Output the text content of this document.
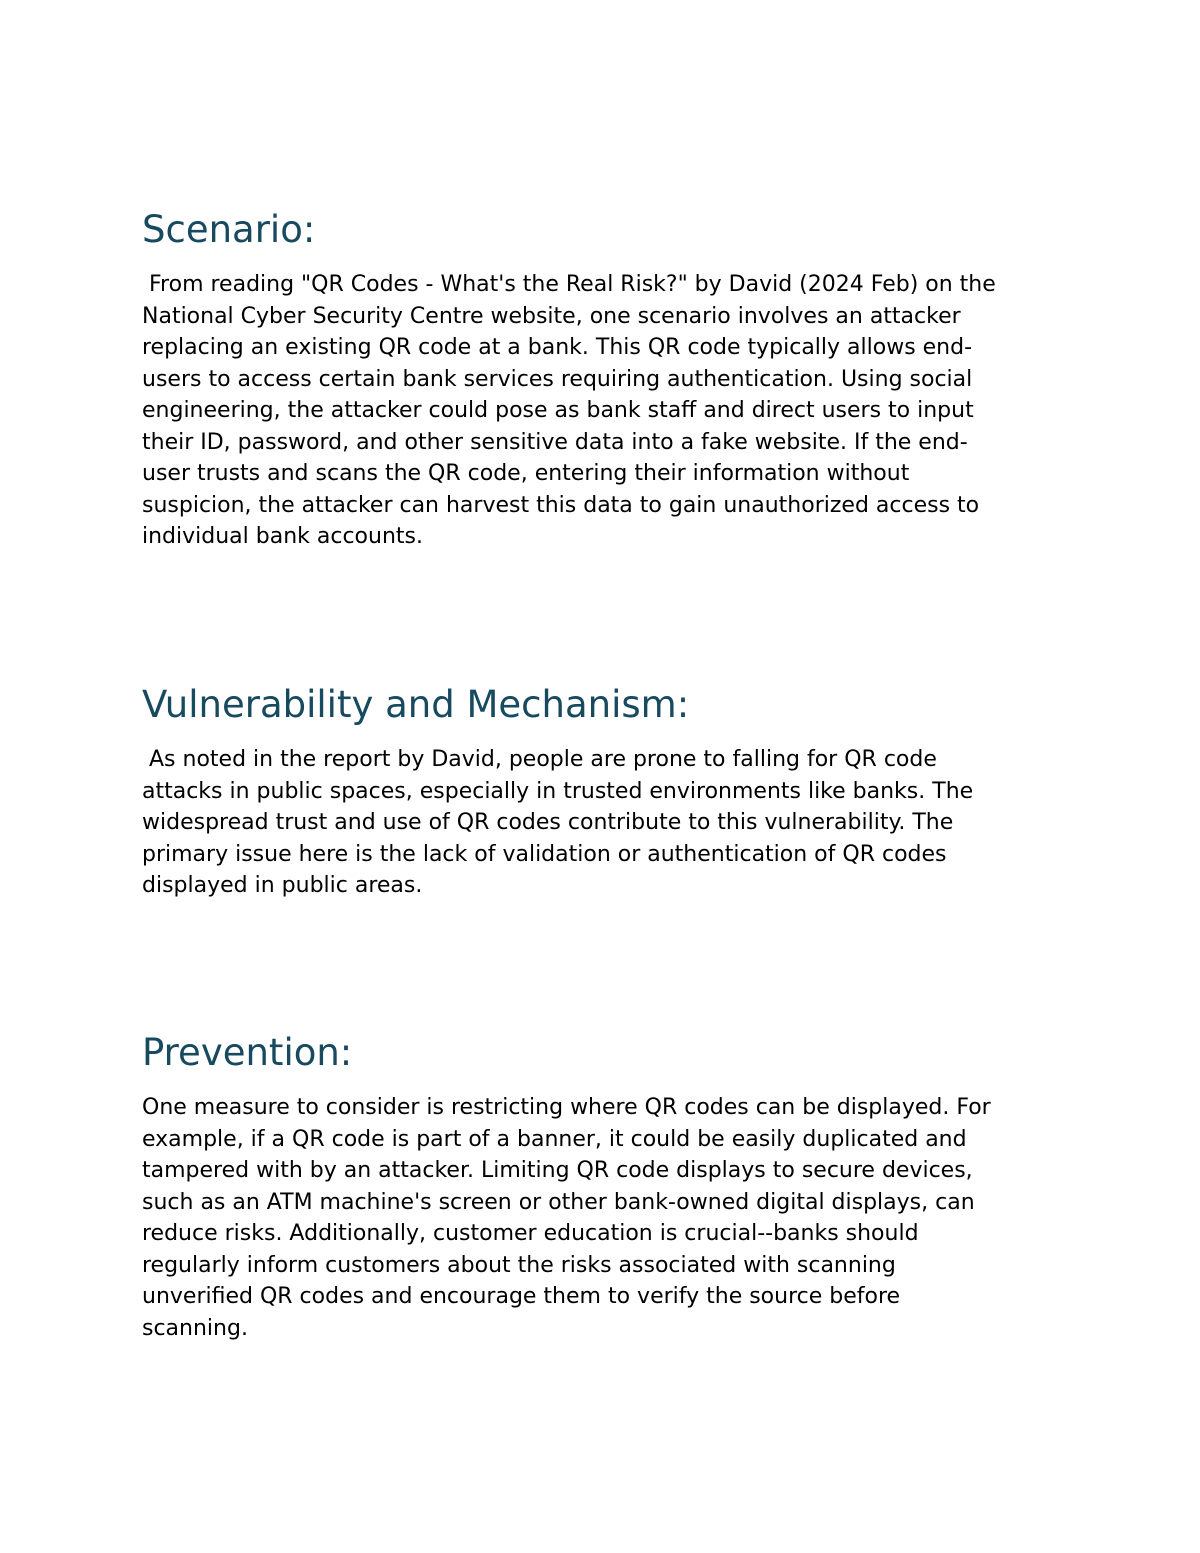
Scenario:

From reading "QR Codes - What's the Real Risk?" by David (2024 Feb) on the
National Cyber Security Centre website, one scenario involves an attacker
replacing an existing QR code at a bank. This QR code typically allows end-
users to access certain bank services requiring authentication. Using social
engineering, the attacker could pose as bank staff and direct users to input
their ID, password, and other sensitive data into a fake website. If the end-
user trusts and scans the QR code, entering their information without
suspicion, the attacker can harvest this data to gain unauthorized access to
individual bank accounts.

Vulnerability and Mechanism:

As noted in the report by David, people are prone to falling for QR code
attacks in public spaces, especially in trusted environments like banks. The
widespread trust and use of QR codes contribute to this vulnerability. The
primary issue here is the lack of validation or authentication of QR codes
displayed in public areas.

Prevention:

One measure to consider is restricting where QR codes can be displayed. For
example, if a QR code is part of a banner, it could be easily duplicated and
tampered with by an attacker. Limiting QR code displays to secure devices,
such as an ATM machine's screen or other bank-owned digital displays, can
reduce risks. Additionally, customer education is crucial--banks should
regularly inform customers about the risks associated with scanning
unverified QR codes and encourage them to verify the source before
scanning.
